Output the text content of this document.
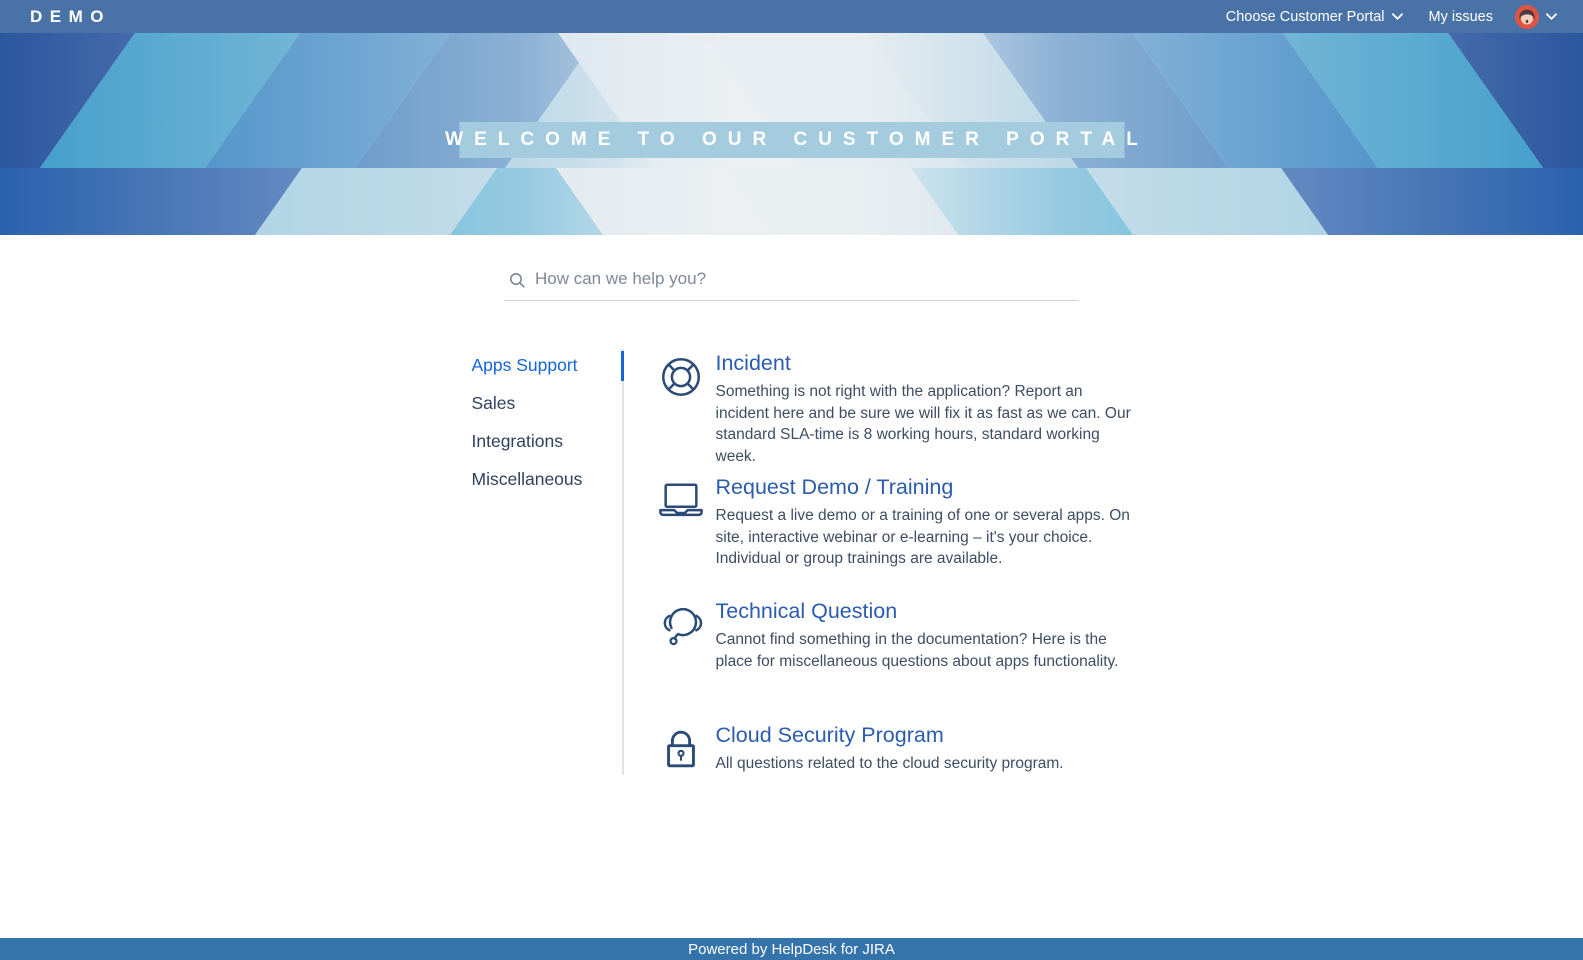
DEMO	Choose Customer Portal	My issues
WELCOME TO OUR CUSTOMER PORTAL
How can we help you?
Apps Support
Sales
Integrations
Miscellaneous
Incident
Something is not right with the application? Report an incident here and be sure we will fix it as fast as we can. Our standard SLA-time is 8 working hours, standard working week.
Request Demo / Training
Request a live demo or a training of one or several apps. On site, interactive webinar or e-learning – it's your choice. Individual or group trainings are available.
Technical Question
Cannot find something in the documentation? Here is the place for miscellaneous questions about apps functionality.
Cloud Security Program
All questions related to the cloud security program.
Powered by HelpDesk for JIRA
